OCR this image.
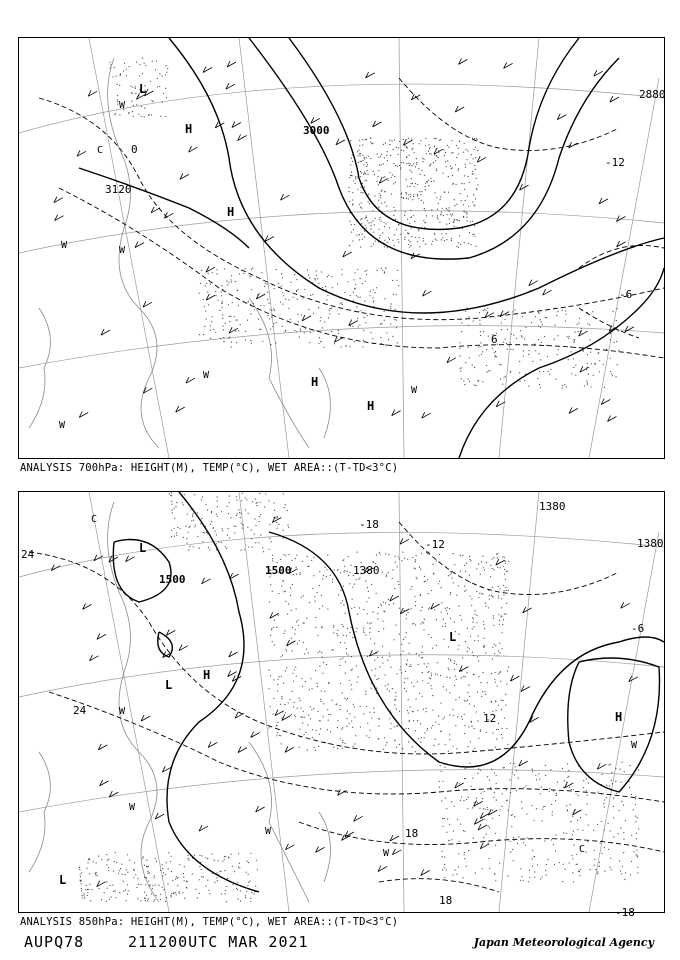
3000
3120
2880
-12
-6
6
0
L
H
H
H
H
W
W	W
W
W
W
C
ANALYSIS 700hPa: HEIGHT(M), TEMP(°C), WET AREA::(T-TD<3°C)
1500
1500
1380
1380
1380
24
-12
-18
-6
18
18
12
-18
24
L
L
H
L
H
L
W
W
W
W
W
C
C
ANALYSIS 850hPa: HEIGHT(M), TEMP(°C), WET AREA::(T-TD<3°C)
AUPQ78	211200UTC MAR 2021	Japan Meteorological Agency
